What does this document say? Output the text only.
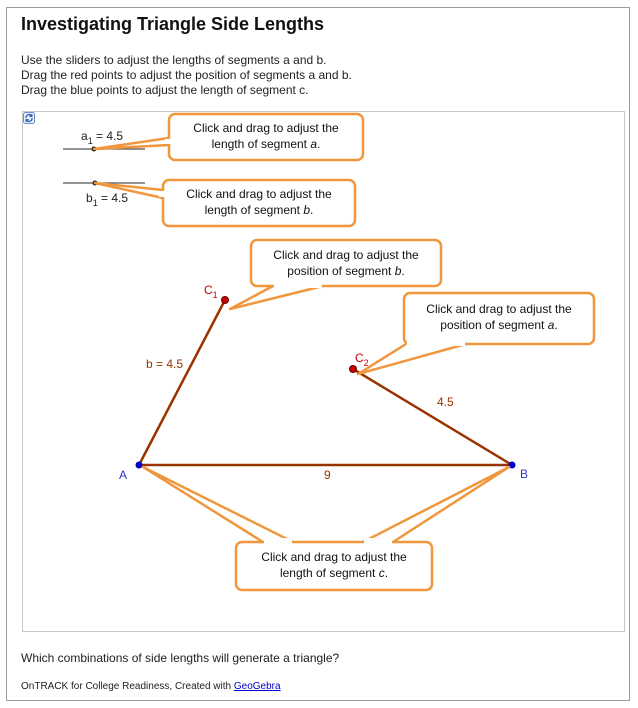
Investigating Triangle Side Lengths
Use the sliders to adjust the lengths of segments a and b.
Drag the red points to adjust the position of segments a and b.
Drag the blue points to adjust the length of segment c.
$a_1 = 4.5$
$b_1 = 4.5$
b = 4.5
4.5
9
$C_1$
$C_2$
A	B
Click and drag to adjust the
length of segment a.
Click and drag to adjust the
length of segment b.
Click and drag to adjust the
position of segment b.
Click and drag to adjust the
position of segment a.
Click and drag to adjust the
length of segment c.
Which combinations of side lengths will generate a triangle?
OnTRACK for College Readiness, Created with GeoGebra
